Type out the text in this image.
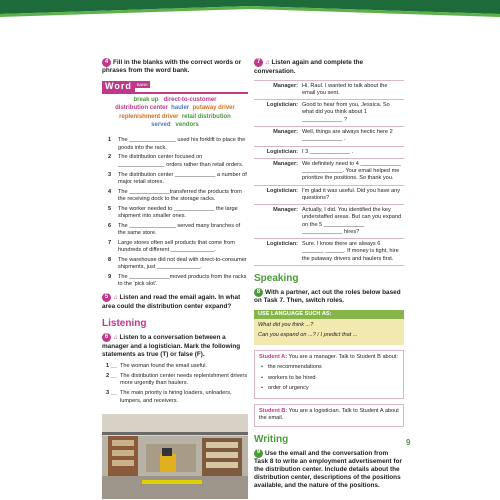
4 Fill in the blanks with the correct words or phrases from the word bank.
Word BANK
break up direct-to-customer
distribution center hauler putaway driver
replenishment driver retail distribution
served vendors
1	The _______________ used his forklift to place the goods into the rack.
2	The distribution center focused on _______________ orders rather than retail orders.
3	The distribution center _____________ a number of major retail stores.
4	The _____________transferred the products from the receiving dock to the storage racks.
5	The worker needed to _____________ the large shipment into smaller ones.
6	The _______________ served many branches of the same store.
7	Large stores often sell products that come from hundreds of different ______________.
8	The warehouse did not deal with direct-to-consumer shipments, just ______________.
9	The _____________moved products from the racks to the 'pick slot'.
5 ♫ Listen and read the email again. In what area could the distribution center expand?
Listening
6 ♫ Listen to a conversation between a manager and a logistician. Mark the following statements as true (T) or false (F).
1 __ The woman found the email useful.
2 __ The distribution center needs replenishment drivers more urgently than haulers.
3 __ The main priority is hiring loaders, unloaders, lumpers, and receivers.
7 ♫ Listen again and complete the conversation.
Manager:	Hi, Raul. I wanted to talk about the email you sent.
Logistician:	Good to hear from you, Jessica. So what did you think about 1 _____________ ?
Manager:	Well, things are always hectic here 2 _____________ .
Logistician:	I 3 _____________ .
Manager:	We definitely need to 4 _____________ _____________. Your email helped me prioritize the positions. So thank you.
Logistician:	I'm glad it was useful. Did you have any questions?
Manager:	Actually, I did. You identified the key understaffed areas. But can you expand on the 5 _____________ _____________ hires?
Logistician:	Sure. I know there are always 6 _______ ______. If money is tight, hire the putaway drivers and haulers first.
Speaking
8 With a partner, act out the roles below based on Task 7. Then, switch roles.
USE LANGUAGE SUCH AS:

What did you think ...?

Can you expand on ...? / I predict that ...

Student A: You are a manager. Talk to Student B about:
• the recommendations
• workers to be hired
• order of urgency
Student B: You are a logistician. Talk to Student A about the email.
Writing
9 Use the email and the conversation from Task 8 to write an employment advertisement for the distribution center. Include details about the distribution center, descriptions of the positions available, and the nature of the positions.
9
